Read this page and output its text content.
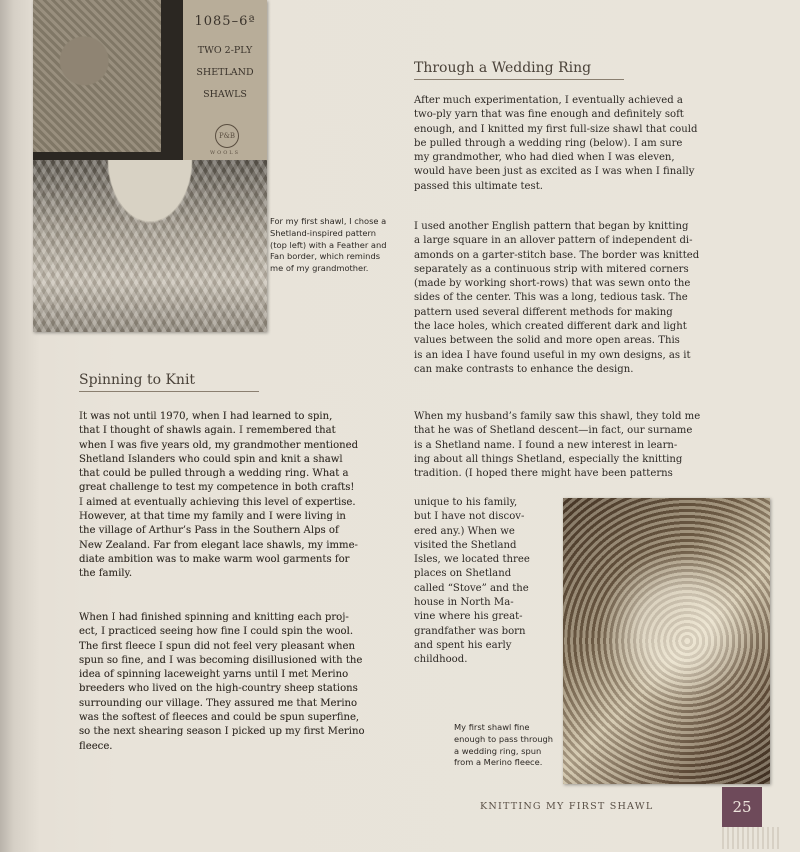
1085–6ª
TWO 2-PLY
SHETLAND
SHAWLS
P&B
WOOLS
For my first shawl, I chose a Shetland-inspired pattern (top left) with a Feather and Fan border, which reminds me of my grandmother.
Through a Wedding Ring

After much experimentation, I eventually achieved a
two-ply yarn that was fine enough and definitely soft
enough, and I knitted my first full-size shawl that could
be pulled through a wedding ring (below). I am sure
my grandmother, who had died when I was eleven,
would have been just as excited as I was when I finally
passed this ultimate test.

I used another English pattern that began by knitting
a large square in an allover pattern of independent di-
amonds on a garter-stitch base. The border was knitted
separately as a continuous strip with mitered corners
(made by working short-rows) that was sewn onto the
sides of the center. This was a long, tedious task. The
pattern used several different methods for making
the lace holes, which created different dark and light
values between the solid and more open areas. This
is an idea I have found useful in my own designs, as it
can make contrasts to enhance the design.

When my husband’s family saw this shawl, they told me
that he was of Shetland descent—in fact, our surname
is a Shetland name. I found a new interest in learn-
ing about all things Shetland, especially the knitting
tradition. (I hoped there might have been patterns

unique to his family,
but I have not discov-
ered any.) When we
visited the Shetland
Isles, we located three
places on Shetland
called “Stove” and the
house in North Ma-
vine where his great-
grandfather was born
and spent his early
childhood.

Spinning to Knit

It was not until 1970, when I had learned to spin,
that I thought of shawls again. I remembered that
when I was five years old, my grandmother mentioned
Shetland Islanders who could spin and knit a shawl
that could be pulled through a wedding ring. What a
great challenge to test my competence in both crafts!
I aimed at eventually achieving this level of expertise.
However, at that time my family and I were living in
the village of Arthur’s Pass in the Southern Alps of
New Zealand. Far from elegant lace shawls, my imme-
diate ambition was to make warm wool garments for
the family.

When I had finished spinning and knitting each proj-
ect, I practiced seeing how fine I could spin the wool.
The first fleece I spun did not feel very pleasant when
spun so fine, and I was becoming disillusioned with the
idea of spinning laceweight yarns until I met Merino
breeders who lived on the high-country sheep stations
surrounding our village. They assured me that Merino
was the softest of fleeces and could be spun superfine,
so the next shearing season I picked up my first Merino
fleece.

My first shawl fine enough to pass through a wedding ring, spun from a Merino fleece.
KNITTING MY FIRST SHAWL	25
